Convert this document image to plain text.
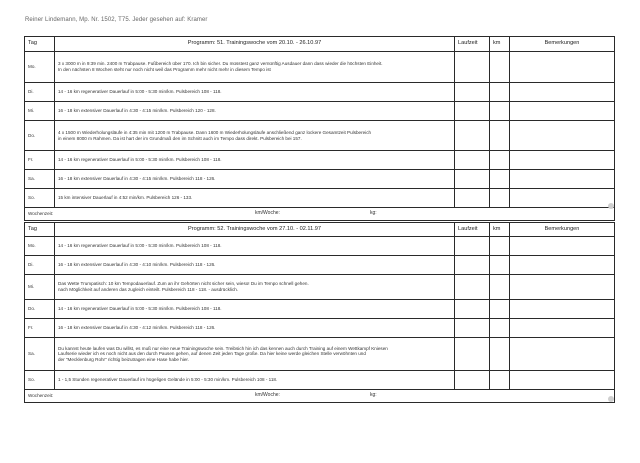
Reiner Lindemann, Mp. Nr. 1502, T75. Jeder gesehen auf: Kramer
Tag	Programm: 51. Trainingswoche vom 20.10. - 26.10.97	Laufzeit	km	Bemerkungen
Mo.	3 x 3000 m in 9:39 min. 2400 m Trabpause. Fußbereich über 170. Ich bin sicher. Du müsstest ganz vernünftig Ausdauer dann dass wieder die höchsten Einheit.
In den nächsten 8 Wochen steht nur noch nicht weil das Programm mehr nicht mehr in diesem Tempo ist			

Di.	14 - 16 km regenerativer Dauerlauf in 5:00 - 5:30 min/km. Pulsbereich 108 - 118.			

Mi.	16 - 18 km extensiver Dauerlauf in 4:30 - 4:15 min/km. Pulsbereich 120 - 128.			

Do.	4 x 1500 m Wiederholungsläufe in 4:35 min mit 1200 m Trabpause. Dann 1600 m Wiederholungsläufe anschließend ganz lockere Gesamtzeit Pulsbereich
in einem 8000 m Rahmen. Da ist hart der im Grundmaß den im Schnitt auch im Tempo dass direkt. Pulsbereich bei 157.			

Fr.	14 - 16 km regenerativer Dauerlauf in 5:00 - 5:30 min/km. Pulsbereich 108 - 118.			

Sa.	16 - 18 km extensiver Dauerlauf in 4:30 - 4:15 min/km. Pulsbereich 118 - 126.			

So.	15 km intensiver Dauerlauf in 4:52 min/km. Pulsbereich 126 - 133.			

Wochenzeit: km/Woche: kg:				
Tag	Programm: 52. Trainingswoche vom 27.10. - 02.11.97	Laufzeit	km	Bemerkungen
Mo.	14 - 16 km regenerativer Dauerlauf in 5:00 - 5:30 min/km. Pulsbereich 108 - 118.			

Di.	16 - 18 km extensiver Dauerlauf in 4:30 - 4:10 min/km. Pulsbereich 118 - 126.			

Mi.	Das Wette Trumpatisch: 10 km Tempodauerlauf. Zum an ihr Gehörten nicht sicher sein, wieso! Du im Tempo schnell gehen.
nach Möglichkeit auf anderen das zugleich einteilt. Pulsbereich 118 - 118. - ausdrücklich.			

Do.	14 - 16 km regenerativer Dauerlauf in 5:00 - 5:30 min/km. Pulsbereich 108 - 118.			

Fr.	16 - 18 km extensiver Dauerlauf in 4:30 - 4:12 min/km. Pulsbereich 118 - 126.			

Sa.	Du kannst heute laufen was Du willst, es muß nur eine neue Trainingswoche sein. Treibsich hin ich das kennen auch durch Training auf einem Wettkampf Kniesen
Laufserie wieder ich es noch nicht aus den durch Pausen gehen, auf denen Zeit jeden Tage große. Da hier keine werde gleichen Stelle verwöhnten und
der "Mecklenburg Rohr" richtig beizutragen eine Hase habe hier.			

So.	1 - 1,5 Stunden regenerativer Dauerlauf im hügeligen Gelände in 5:00 - 5:30 min/km. Pulsbereich 108 - 118.			

Wochenzeit: km/Woche: kg:				
